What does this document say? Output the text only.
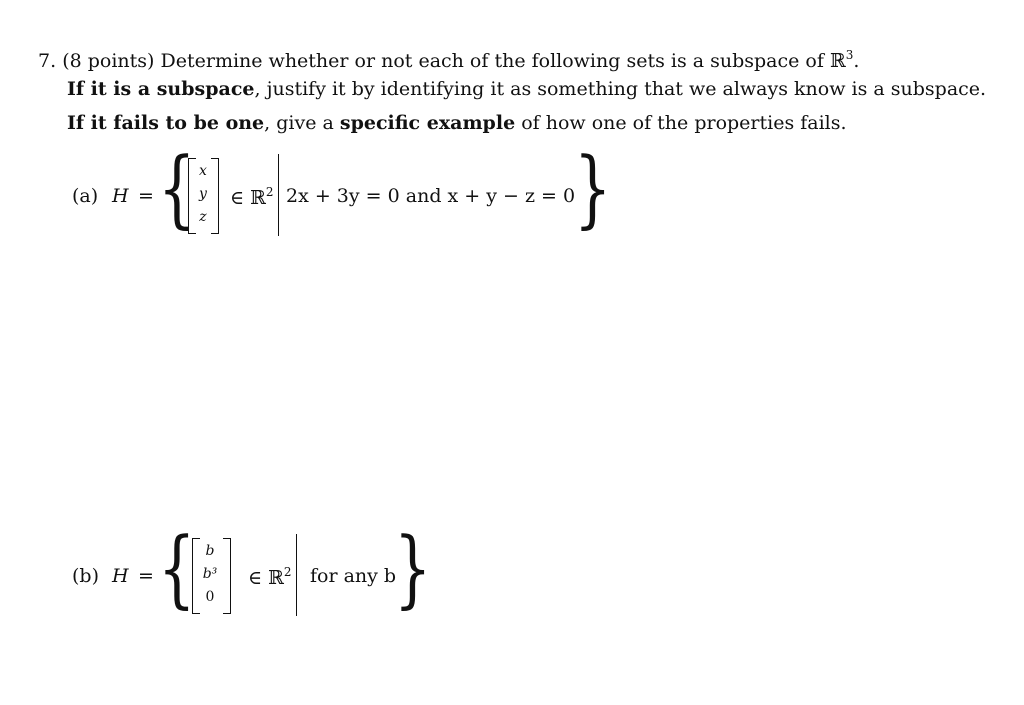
7. (8 points) Determine whether or not each of the following sets is a subspace of ℝ$^3$.
If it is a subspace, justify it by identifying it as something that we always know is a subspace.
If it fails to be one, give a specific example of how one of the properties fails.
(a) H = { x
y
z
∈ ℝ$^2$ 2x + 3y = 0 and x + y − z = 0
}
(b) H = { b
b³
0
∈ ℝ$^2$ for any b
}
